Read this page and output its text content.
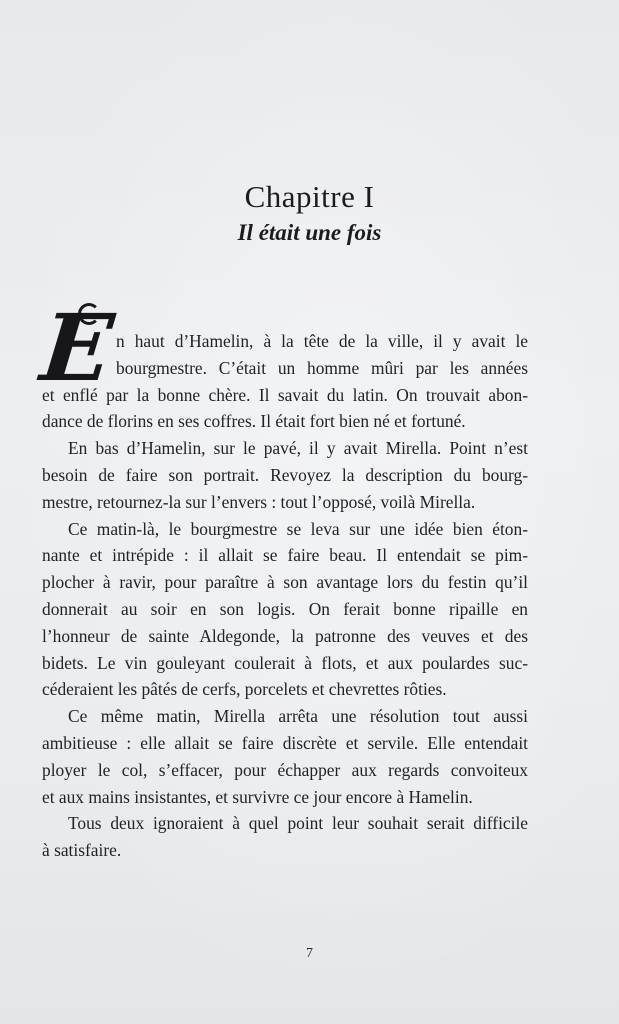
Chapitre I
Il était une fois
E
n haut d’Hamelin, à la tête de la ville, il y avait le
bourgmestre. C’était un homme mûri par les années
et enflé par la bonne chère. Il savait du latin. On trouvait abon-
dance de florins en ses coffres. Il était fort bien né et fortuné.
En bas d’Hamelin, sur le pavé, il y avait Mirella. Point n’est
besoin de faire son portrait. Revoyez la description du bourg-
mestre, retournez-la sur l’envers : tout l’opposé, voilà Mirella.
Ce matin-là, le bourgmestre se leva sur une idée bien éton-
nante et intrépide : il allait se faire beau. Il entendait se pim-
plocher à ravir, pour paraître à son avantage lors du festin qu’il
donnerait au soir en son logis. On ferait bonne ripaille en
l’honneur de sainte Aldegonde, la patronne des veuves et des
bidets. Le vin gouleyant coulerait à flots, et aux poulardes suc-
céderaient les pâtés de cerfs, porcelets et chevrettes rôties.
Ce même matin, Mirella arrêta une résolution tout aussi
ambitieuse : elle allait se faire discrète et servile. Elle entendait
ployer le col, s’effacer, pour échapper aux regards convoiteux
et aux mains insistantes, et survivre ce jour encore à Hamelin.
Tous deux ignoraient à quel point leur souhait serait difficile
à satisfaire.
7
